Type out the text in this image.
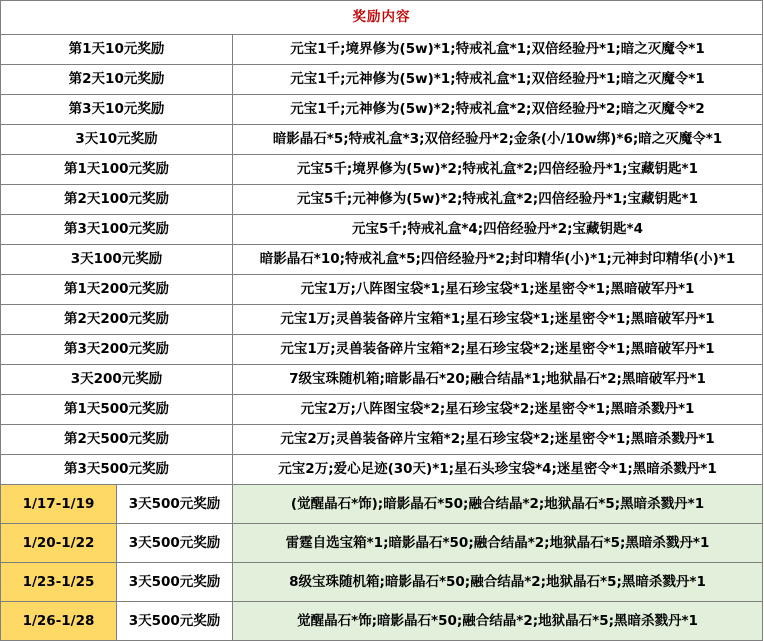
奖励内容		
第1天10元奖励		元宝1千;境界修为(5w)*1;特戒礼盒*1;双倍经验丹*1;暗之灭魔令*1
第2天10元奖励		元宝1千;元神修为(5w)*1;特戒礼盒*1;双倍经验丹*1;暗之灭魔令*1
第3天10元奖励		元宝1千;元神修为(5w)*2;特戒礼盒*2;双倍经验丹*2;暗之灭魔令*2
3天10元奖励		暗影晶石*5;特戒礼盒*3;双倍经验丹*2;金条(小/10w绑)*6;暗之灭魔令*1
第1天100元奖励		元宝5千;境界修为(5w)*2;特戒礼盒*2;四倍经验丹*1;宝藏钥匙*1
第2天100元奖励		元宝5千;元神修为(5w)*2;特戒礼盒*2;四倍经验丹*1;宝藏钥匙*1
第3天100元奖励		元宝5千;特戒礼盒*4;四倍经验丹*2;宝藏钥匙*4
3天100元奖励		暗影晶石*10;特戒礼盒*5;四倍经验丹*2;封印精华(小)*1;元神封印精华(小)*1
第1天200元奖励		元宝1万;八阵图宝袋*1;星石珍宝袋*1;迷星密令*1;黑暗破军丹*1
第2天200元奖励		元宝1万;灵兽装备碎片宝箱*1;星石珍宝袋*1;迷星密令*1;黑暗破军丹*1
第3天200元奖励		元宝1万;灵兽装备碎片宝箱*2;星石珍宝袋*2;迷星密令*1;黑暗破军丹*1
3天200元奖励		7级宝珠随机箱;暗影晶石*20;融合结晶*1;地狱晶石*2;黑暗破军丹*1
第1天500元奖励		元宝2万;八阵图宝袋*2;星石珍宝袋*2;迷星密令*1;黑暗杀戮丹*1
第2天500元奖励		元宝2万;灵兽装备碎片宝箱*2;星石珍宝袋*2;迷星密令*1;黑暗杀戮丹*1
第3天500元奖励		元宝2万;爱心足迹(30天)*1;星石头珍宝袋*4;迷星密令*1;黑暗杀戮丹*1
1/17-1/19	3天500元奖励	(觉醒晶石*饰);暗影晶石*50;融合结晶*2;地狱晶石*5;黑暗杀戮丹*1
1/20-1/22	3天500元奖励	雷霆自选宝箱*1;暗影晶石*50;融合结晶*2;地狱晶石*5;黑暗杀戮丹*1
1/23-1/25	3天500元奖励	8级宝珠随机箱;暗影晶石*50;融合结晶*2;地狱晶石*5;黑暗杀戮丹*1
1/26-1/28	3天500元奖励	觉醒晶石*饰;暗影晶石*50;融合结晶*2;地狱晶石*5;黑暗杀戮丹*1
